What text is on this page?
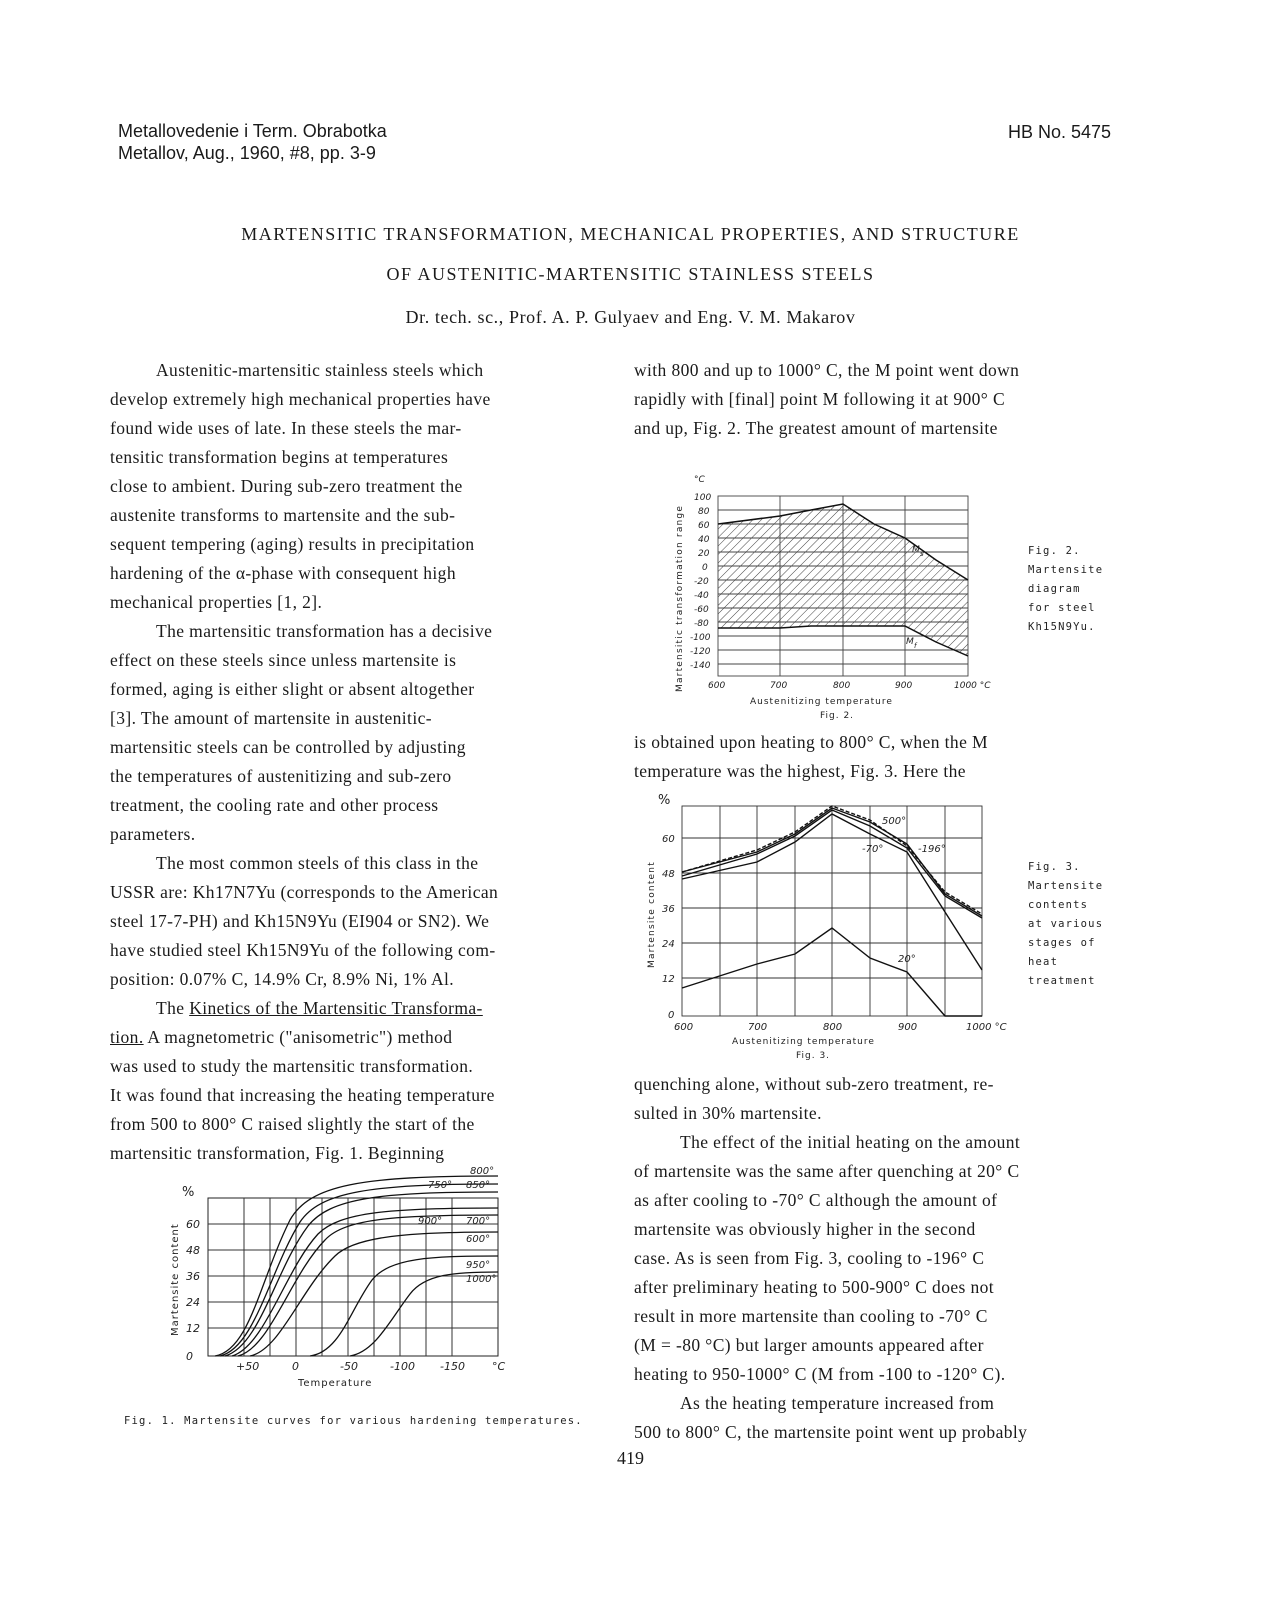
Metallovedenie i Term. Obrabotka
Metallov, Aug., 1960, #8, pp. 3-9
HB No. 5475
MARTENSITIC TRANSFORMATION, MECHANICAL PROPERTIES, AND STRUCTURE
OF AUSTENITIC-MARTENSITIC STAINLESS STEELS
Dr. tech. sc., Prof. A. P. Gulyaev and Eng. V. M. Makarov

Austenitic-martensitic stainless steels which
develop extremely high mechanical properties have
found wide uses of late. In these steels the mar-
tensitic transformation begins at temperatures
close to ambient. During sub-zero treatment the
austenite transforms to martensite and the sub-
sequent tempering (aging) results in precipitation
hardening of the α-phase with consequent high
mechanical properties [1, 2].

The martensitic transformation has a decisive
effect on these steels since unless martensite is
formed, aging is either slight or absent altogether
[3]. The amount of martensite in austenitic-
martensitic steels can be controlled by adjusting
the temperatures of austenitizing and sub-zero
treatment, the cooling rate and other process
parameters.

The most common steels of this class in the
USSR are: Kh17N7Yu (corresponds to the American
steel 17-7-PH) and Kh15N9Yu (EI904 or SN2). We
have studied steel Kh15N9Yu of the following com-
position: 0.07% C, 14.9% Cr, 8.9% Ni, 1% Al.

The Kinetics of the Martensitic Transforma-
tion. A magnetometric ("anisometric") method
was used to study the martensitic transformation.
It was found that increasing the heating temperature
from 500 to 800° C raised slightly the start of the
martensitic transformation, Fig. 1. Beginning

with 800 and up to 1000° C, the M point went down
rapidly with [final] point M following it at 900° C
and up, Fig. 2. The greatest amount of martensite
is obtained upon heating to 800° C, when the M
temperature was the highest, Fig. 3. Here the
quenching alone, without sub-zero treatment, re-
sulted in 30% martensite.

The effect of the initial heating on the amount
of martensite was the same after quenching at 20° C
as after cooling to -70° C although the amount of
martensite was obviously higher in the second
case. As is seen from Fig. 3, cooling to -196° C
after preliminary heating to 500-900° C does not
result in more martensite than cooling to -70° C
(M = -80 °C) but larger amounts appeared after
heating to 950-1000° C (M from -100 to -120° C).

As the heating temperature increased from
500 to 800° C, the martensite point went up probably

%
60
48
36
24
12
0
+50	0	-50	-100 -150 °C
Temperature
Martensite content
800°
750° 850°
900° 700°
600°
950°
1000°
Fig. 1. Martensite curves for various hardening temperatures.
°C
100
80
60
40
20
0
-20
-40
-60
-80
-100
-120
-140
600	700	800	900	1000 °C
M s
M f
Austenitizing temperature
Fig. 2.
Martensitic transformation range	Fig. 2.
Martensite
diagram
for steel
Kh15N9Yu.
%
60
48
36
24
12
0
600	700	800	900	1000 °C
500°
-70°	-196°
20°
Austenitizing temperature
Fig. 3.
Martensite content	Fig. 3.
Martensite
contents
at various
stages of
heat
treatment
419
